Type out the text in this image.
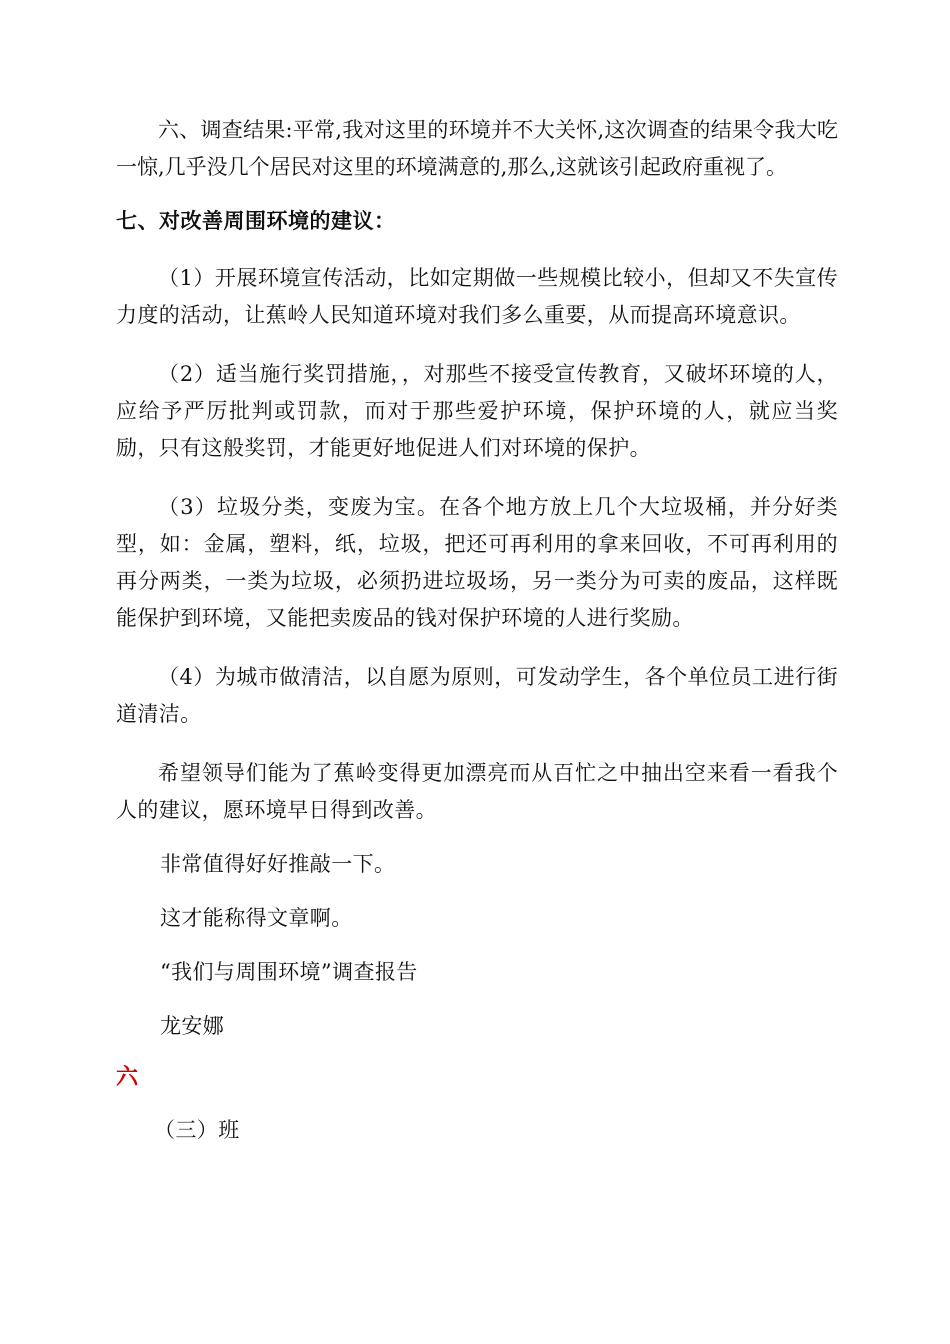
六、调查结果:平常,我对这里的环境并不大关怀,这次调查的结果令我大吃一惊,几乎没几个居民对这里的环境满意的,那么,这就该引起政府重视了。

七、对改善周围环境的建议：

（1）开展环境宣传活动，比如定期做一些规模比较小，但却又不失宣传力度的活动，让蕉岭人民知道环境对我们多么重要，从而提高环境意识。

（2）适当施行奖罚措施，，对那些不接受宣传教育，又破坏环境的人，应给予严厉批判或罚款，而对于那些爱护环境，保护环境的人，就应当奖励，只有这般奖罚，才能更好地促进人们对环境的保护。

（3）垃圾分类，变废为宝。在各个地方放上几个大垃圾桶，并分好类型，如：金属，塑料，纸，垃圾，把还可再利用的拿来回收，不可再利用的再分两类，一类为垃圾，必须扔进垃圾场，另一类分为可卖的废品，这样既能保护到环境，又能把卖废品的钱对保护环境的人进行奖励。

（4）为城市做清洁，以自愿为原则，可发动学生，各个单位员工进行街道清洁。

希望领导们能为了蕉岭变得更加漂亮而从百忙之中抽出空来看一看我个人的建议，愿环境早日得到改善。

非常值得好好推敲一下。

这才能称得文章啊。

“我们与周围环境”调查报告

龙安娜

六

（三）班
